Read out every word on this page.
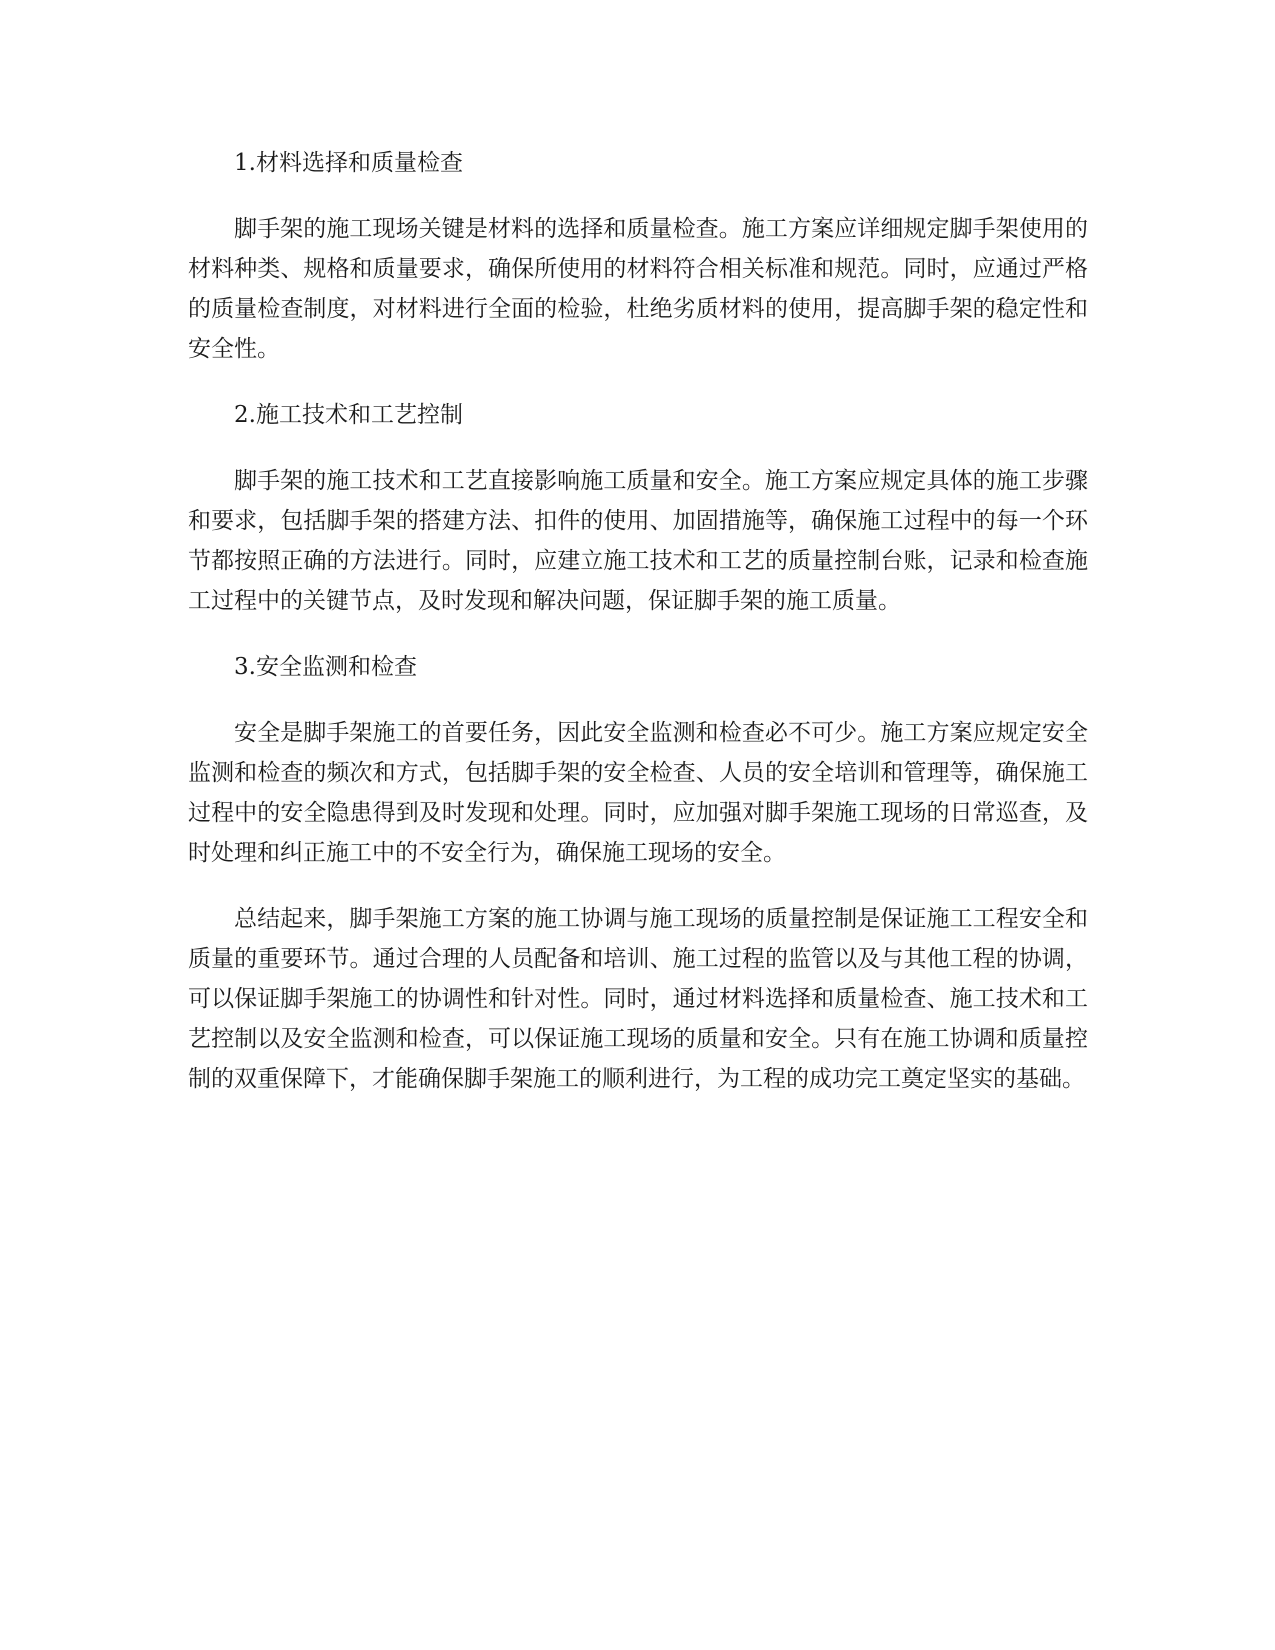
1.材料选择和质量检查

脚手架的施工现场关键是材料的选择和质量检查。施工方案应详细规定脚手架使用的材料种类、规格和质量要求，确保所使用的材料符合相关标准和规范。同时，应通过严格的质量检查制度，对材料进行全面的检验，杜绝劣质材料的使用，提高脚手架的稳定性和安全性。

2.施工技术和工艺控制

脚手架的施工技术和工艺直接影响施工质量和安全。施工方案应规定具体的施工步骤和要求，包括脚手架的搭建方法、扣件的使用、加固措施等，确保施工过程中的每一个环节都按照正确的方法进行。同时，应建立施工技术和工艺的质量控制台账，记录和检查施工过程中的关键节点，及时发现和解决问题，保证脚手架的施工质量。

3.安全监测和检查

安全是脚手架施工的首要任务，因此安全监测和检查必不可少。施工方案应规定安全监测和检查的频次和方式，包括脚手架的安全检查、人员的安全培训和管理等，确保施工过程中的安全隐患得到及时发现和处理。同时，应加强对脚手架施工现场的日常巡查，及时处理和纠正施工中的不安全行为，确保施工现场的安全。

总结起来，脚手架施工方案的施工协调与施工现场的质量控制是保证施工工程安全和质量的重要环节。通过合理的人员配备和培训、施工过程的监管以及与其他工程的协调，可以保证脚手架施工的协调性和针对性。同时，通过材料选择和质量检查、施工技术和工艺控制以及安全监测和检查，可以保证施工现场的质量和安全。只有在施工协调和质量控制的双重保障下，才能确保脚手架施工的顺利进行，为工程的成功完工奠定坚实的基础。
